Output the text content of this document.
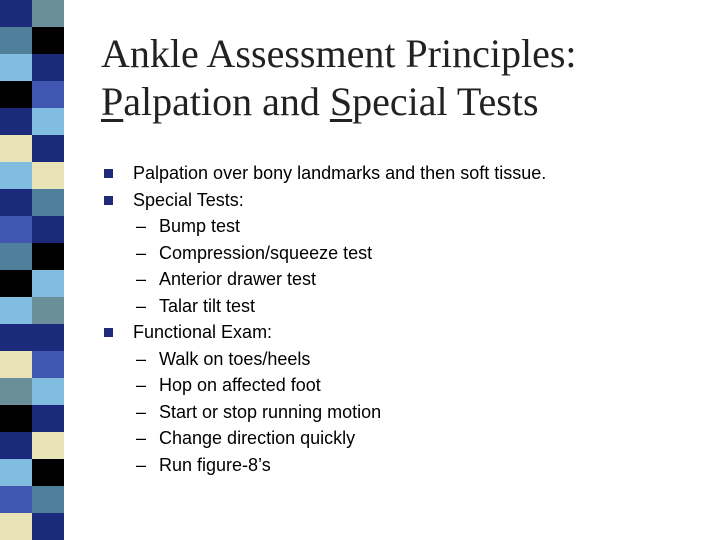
Ankle Assessment Principles:
Palpation and Special Tests
Palpation over bony landmarks and then soft tissue.
Special Tests:
– Bump test
– Compression/squeeze test
– Anterior drawer test
– Talar tilt test
Functional Exam:
– Walk on toes/heels
– Hop on affected foot
– Start or stop running motion
– Change direction quickly
– Run figure-8’s
